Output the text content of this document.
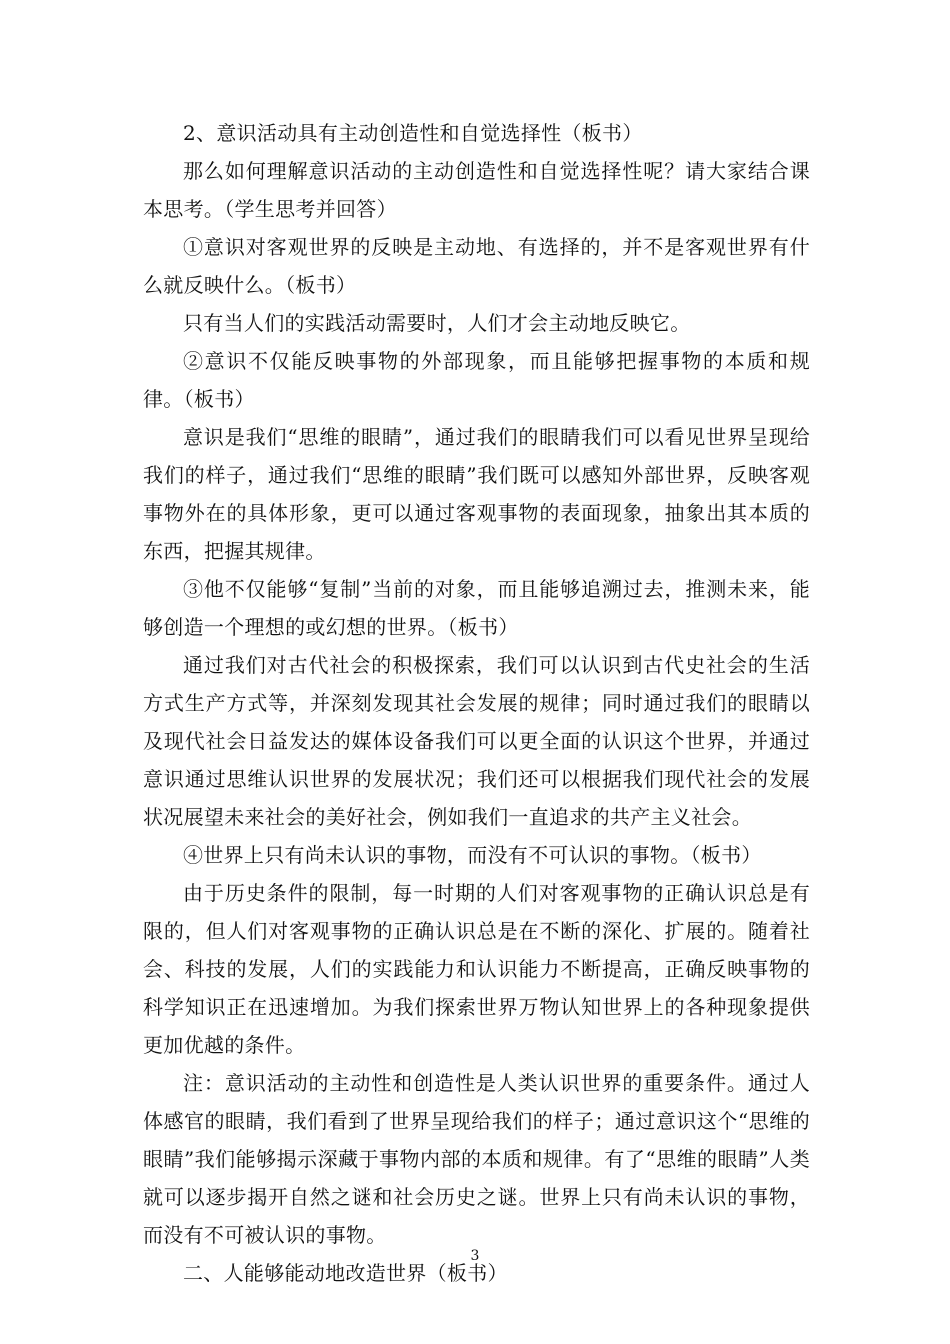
2、意识活动具有主动创造性和自觉选择性（板书）

那么如何理解意识活动的主动创造性和自觉选择性呢？请大家结合课本思考。（学生思考并回答）

①意识对客观世界的反映是主动地、有选择的，并不是客观世界有什么就反映什么。（板书）

只有当人们的实践活动需要时，人们才会主动地反映它。

②意识不仅能反映事物的外部现象，而且能够把握事物的本质和规律。（板书）

意识是我们“思维的眼睛”，通过我们的眼睛我们可以看见世界呈现给我们的样子，通过我们“思维的眼睛”我们既可以感知外部世界，反映客观事物外在的具体形象，更可以通过客观事物的表面现象，抽象出其本质的东西，把握其规律。

③他不仅能够“复制”当前的对象，而且能够追溯过去，推测未来，能够创造一个理想的或幻想的世界。（板书）

通过我们对古代社会的积极探索，我们可以认识到古代史社会的生活方式生产方式等，并深刻发现其社会发展的规律；同时通过我们的眼睛以及现代社会日益发达的媒体设备我们可以更全面的认识这个世界，并通过意识通过思维认识世界的发展状况；我们还可以根据我们现代社会的发展状况展望未来社会的美好社会，例如我们一直追求的共产主义社会。

④世界上只有尚未认识的事物，而没有不可认识的事物。（板书）

由于历史条件的限制，每一时期的人们对客观事物的正确认识总是有限的，但人们对客观事物的正确认识总是在不断的深化、扩展的。随着社会、科技的发展，人们的实践能力和认识能力不断提高，正确反映事物的科学知识正在迅速增加。为我们探索世界万物认知世界上的各种现象提供更加优越的条件。

注：意识活动的主动性和创造性是人类认识世界的重要条件。通过人体感官的眼睛，我们看到了世界呈现给我们的样子；通过意识这个“思维的眼睛”我们能够揭示深藏于事物内部的本质和规律。有了“思维的眼睛”人类就可以逐步揭开自然之谜和社会历史之谜。世界上只有尚未认识的事物，而没有不可被认识的事物。

二、人能够能动地改造世界（板书）

3
